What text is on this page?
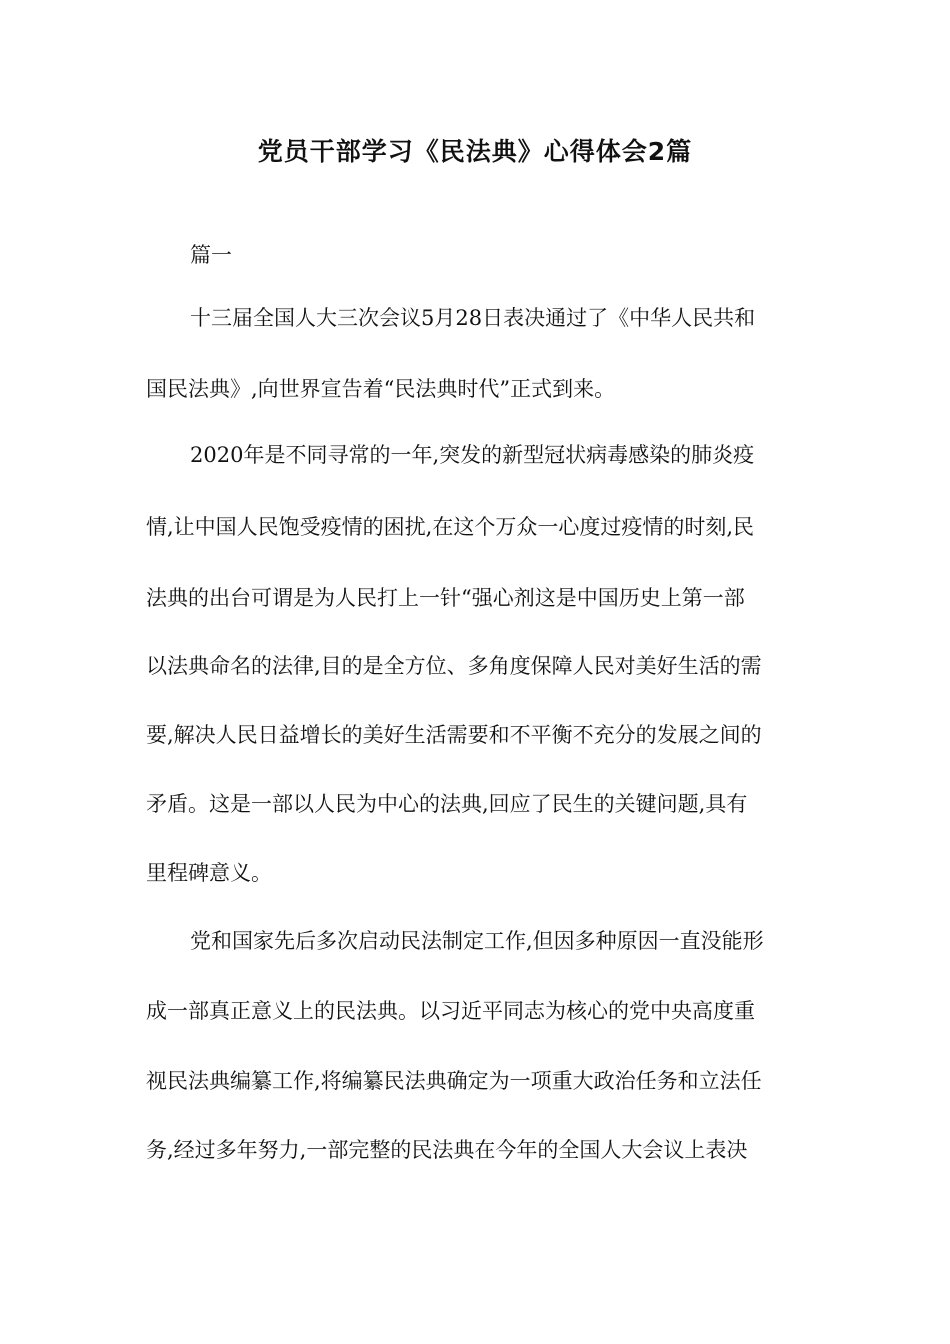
党员干部学习《民法典》心得体会2篇

篇一

十三届全国人大三次会议5月28日表决通过了《中华人民共和

国民法典》,向世界宣告着“民法典时代”正式到来。

2020年是不同寻常的一年,突发的新型冠状病毒感染的肺炎疫

情,让中国人民饱受疫情的困扰,在这个万众一心度过疫情的时刻,民

法典的出台可谓是为人民打上一针“强心剂这是中国历史上第一部

以法典命名的法律,目的是全方位、多角度保障人民对美好生活的需

要,解决人民日益增长的美好生活需要和不平衡不充分的发展之间的

矛盾。这是一部以人民为中心的法典,回应了民生的关键问题,具有

里程碑意义。

党和国家先后多次启动民法制定工作,但因多种原因一直没能形

成一部真正意义上的民法典。以习近平同志为核心的党中央高度重

视民法典编纂工作,将编纂民法典确定为一项重大政治任务和立法任

务,经过多年努力,一部完整的民法典在今年的全国人大会议上表决
